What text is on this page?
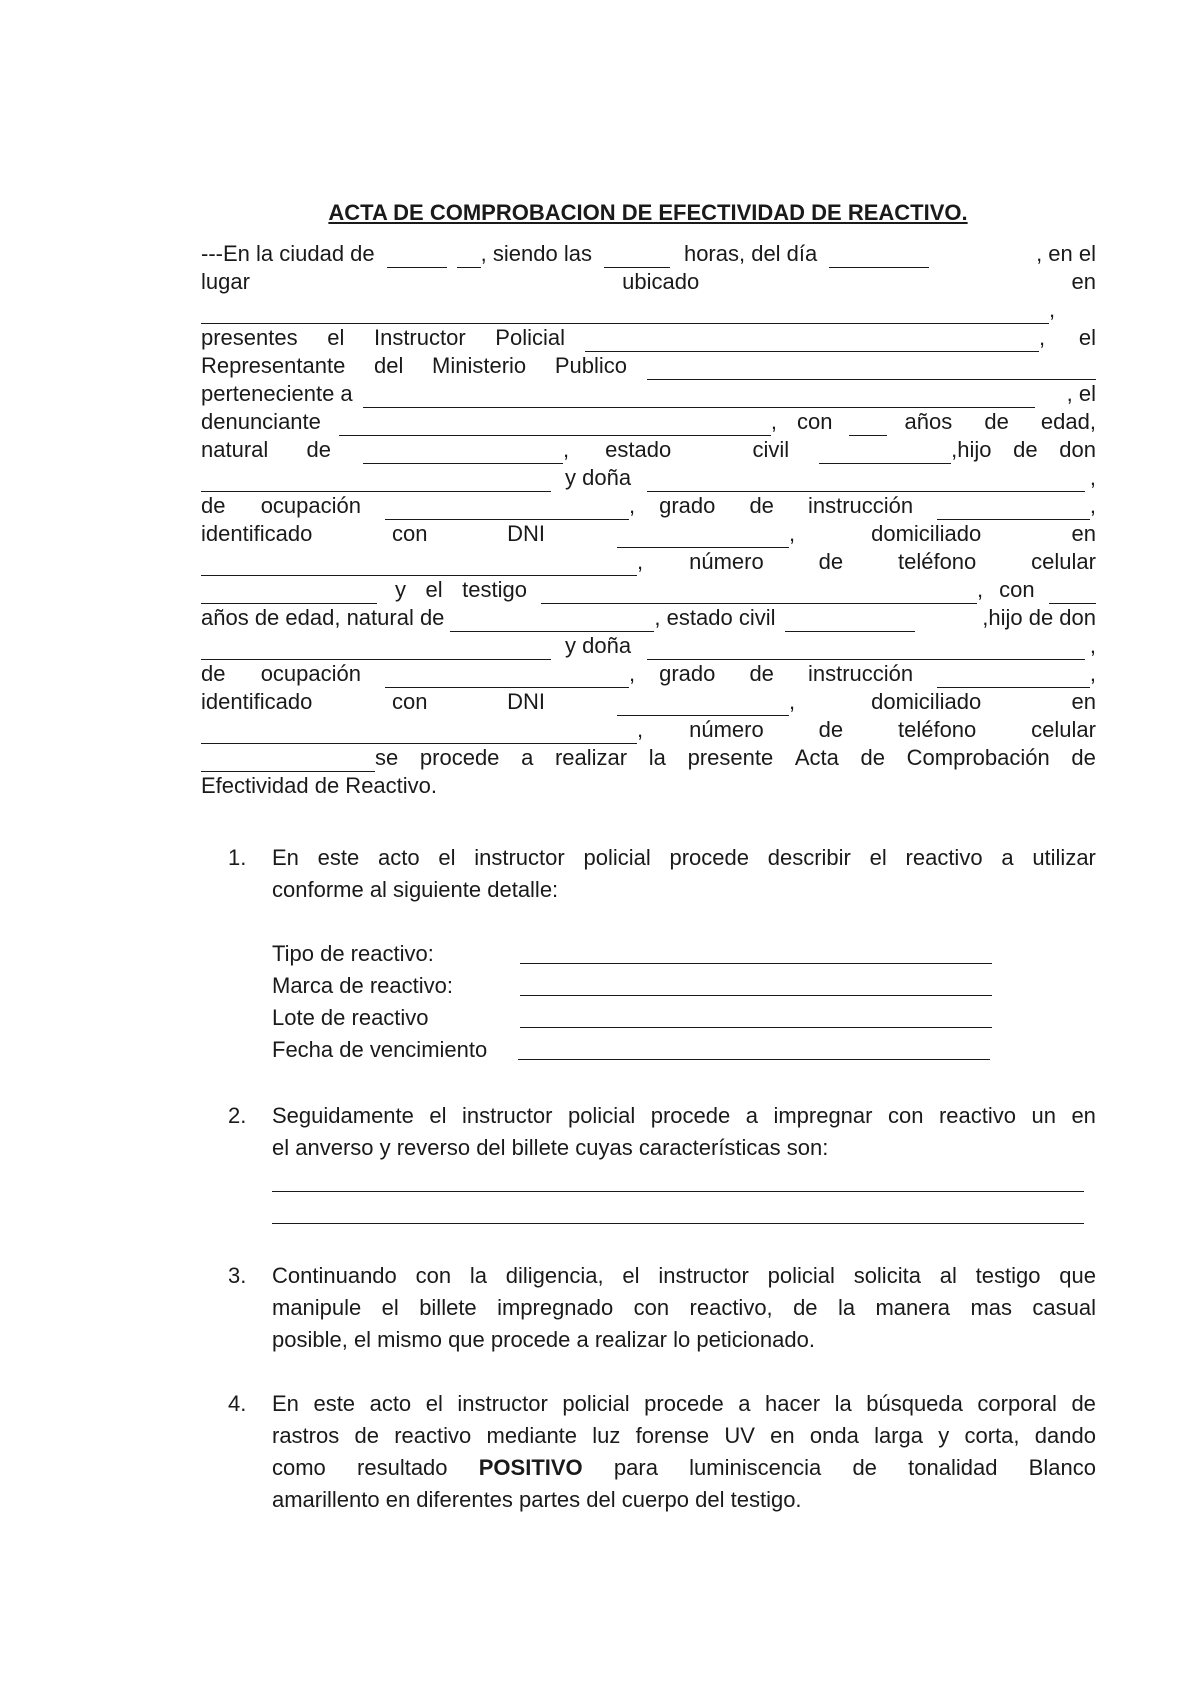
ACTA DE COMPROBACION DE EFECTIVIDAD DE REACTIVO.
---En la ciudad de	, siendo las	horas, del día	, en el
lugar	ubicado	en
,
presentes el Instructor Policial	,	el
Representante del Ministerio Publico
perteneciente a	, el
denunciante	, con	años de edad,
natural de	, estado	civil	,hijo de don
y doña	,
de ocupación	, grado de instrucción	,
identificado	con	DNI	,	domiciliado	en
, número de teléfono celular
y el testigo	, con
años de edad, natural de	, estado civil	,hijo de don
y doña	,
de ocupación	, grado de instrucción	,
identificado	con	DNI	,	domiciliado	en
, número de teléfono celular
se procede a realizar la presente Acta de Comprobación de
Efectividad de Reactivo.
1. En este acto el instructor policial procede describir el reactivo a utilizar
conforme al siguiente detalle:
Tipo de reactivo:
Marca de reactivo:
Lote de reactivo
Fecha de vencimiento
2. Seguidamente el instructor policial procede a impregnar con reactivo un en
el anverso y reverso del billete cuyas características son:
3. Continuando con la diligencia, el instructor policial solicita al testigo que
manipule el billete impregnado con reactivo, de la manera mas casual
posible, el mismo que procede a realizar lo peticionado.
4. En este acto el instructor policial procede a hacer la búsqueda corporal de
rastros de reactivo mediante luz forense UV en onda larga y corta, dando
como resultado POSITIVO para luminiscencia de tonalidad Blanco
amarillento en diferentes partes del cuerpo del testigo.
